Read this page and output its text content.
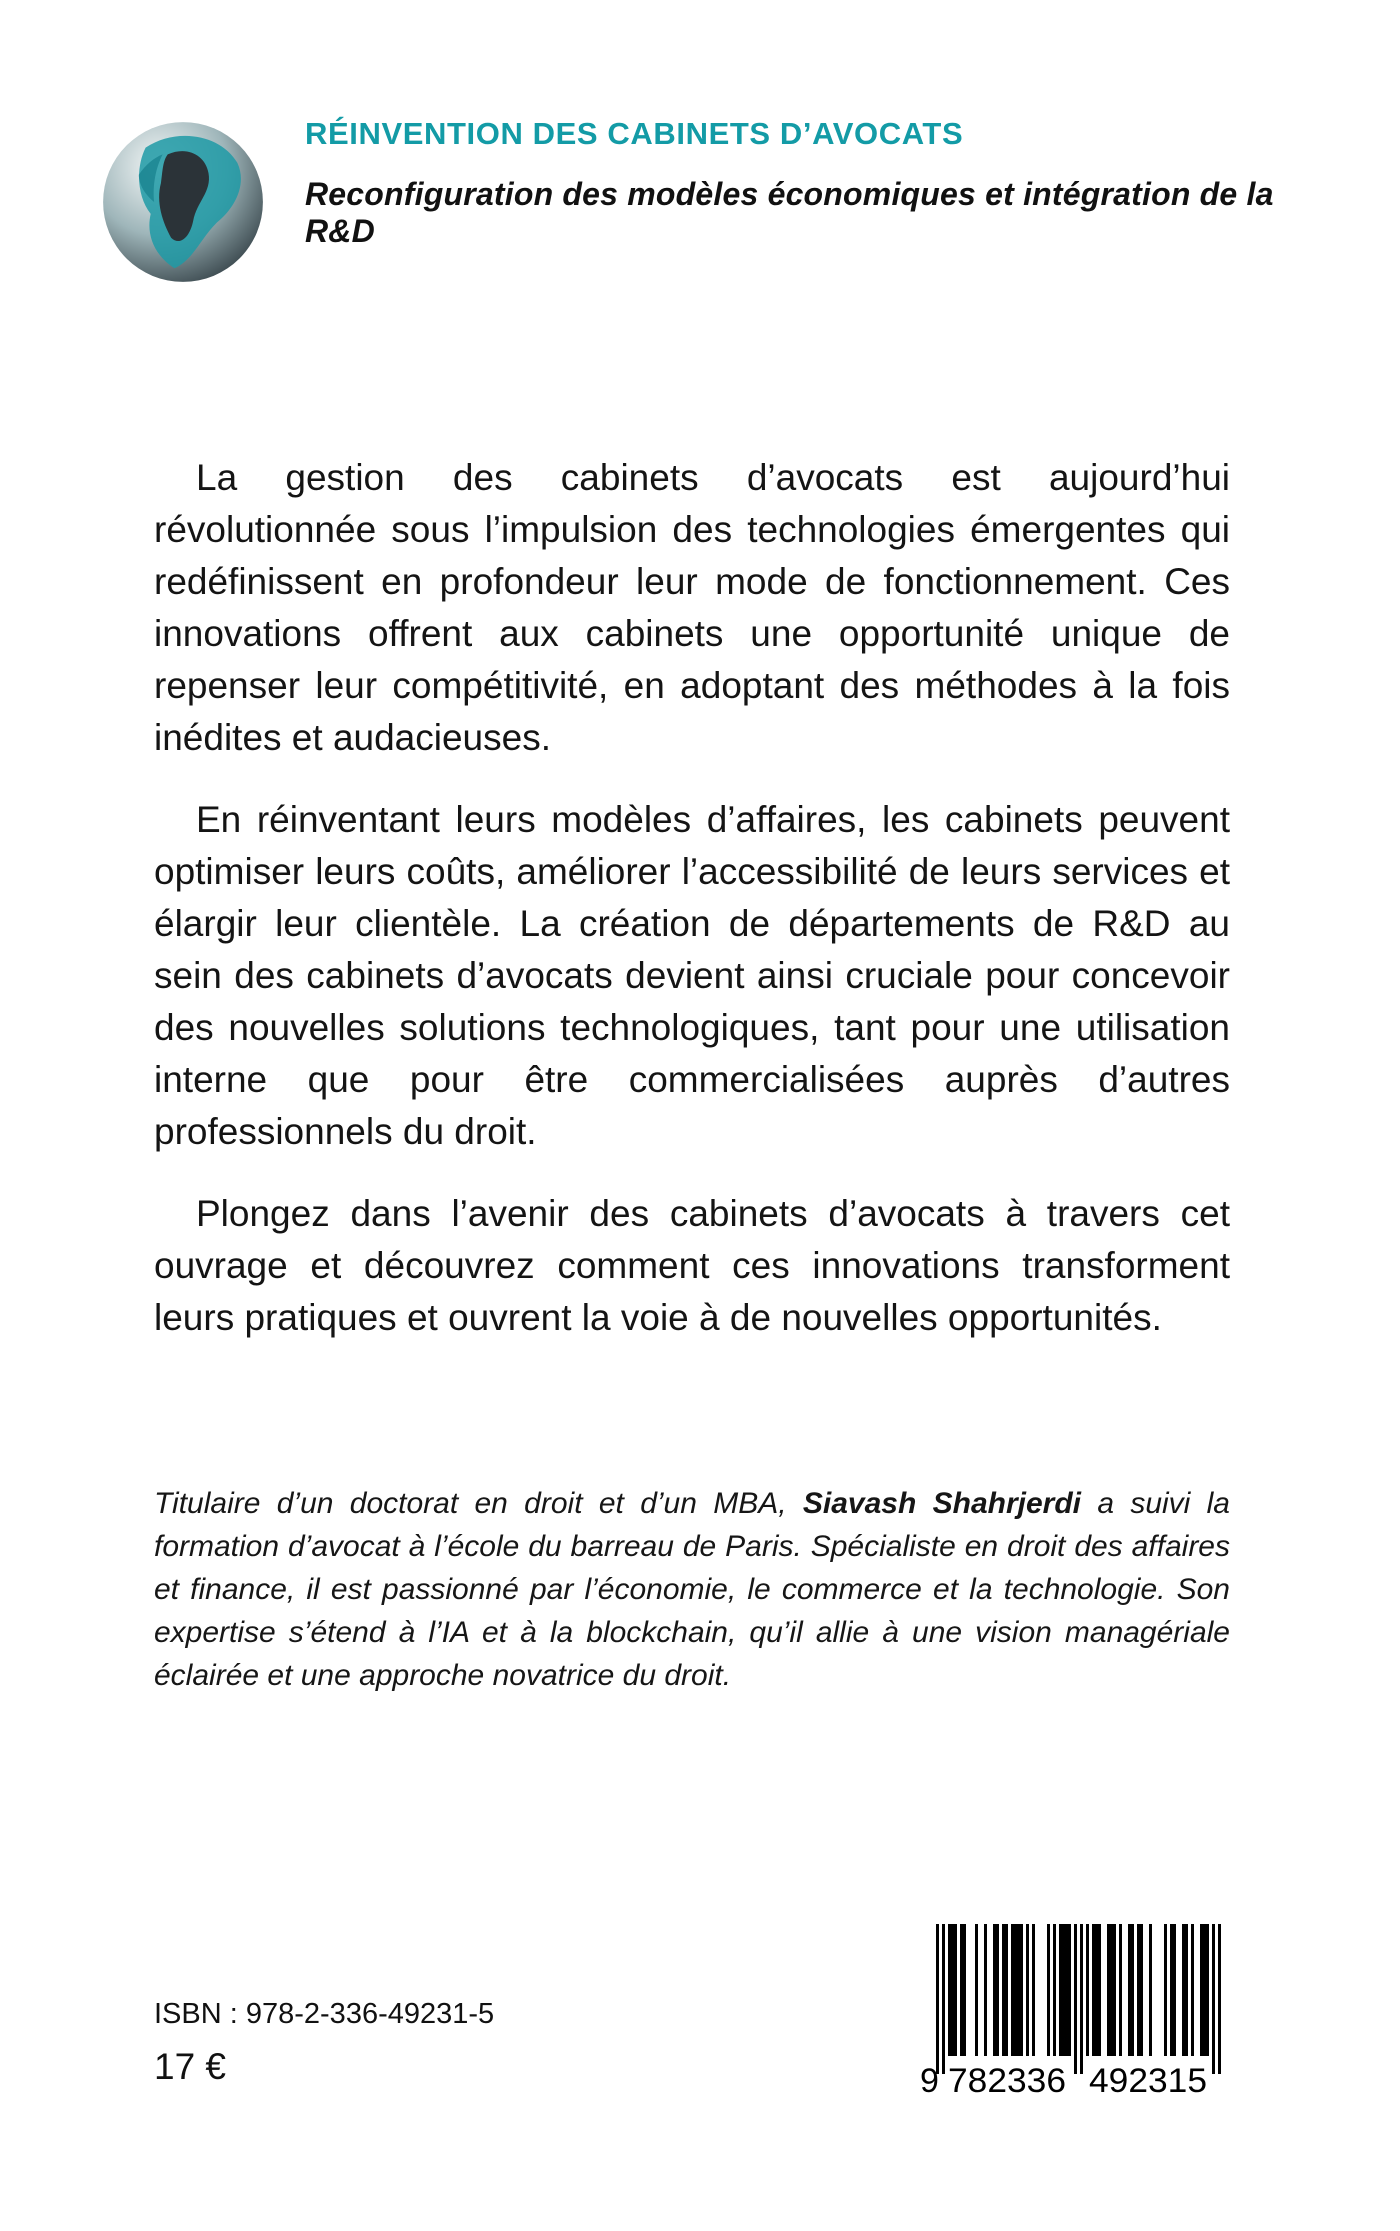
RÉINVENTION DES CABINETS D’AVOCATS
Reconfiguration des modèles économiques et intégration de la R&D

La gestion des cabinets d’avocats est aujourd’hui révolutionnée sous l’impulsion des technologies émergentes qui redéfinissent en profondeur leur mode de fonctionnement. Ces innovations offrent aux cabinets une opportunité unique de repenser leur compétitivité, en adoptant des méthodes à la fois inédites et audacieuses.

En réinventant leurs modèles d’affaires, les cabinets peuvent optimiser leurs coûts, améliorer l’accessibilité de leurs services et élargir leur clientèle. La création de départements de R&D au sein des cabinets d’avocats devient ainsi cruciale pour concevoir des nouvelles solutions technologiques, tant pour une utilisation interne que pour être commercialisées auprès d’autres professionnels du droit.

Plongez dans l’avenir des cabinets d’avocats à travers cet ouvrage et découvrez comment ces innovations transforment leurs pratiques et ouvrent la voie à de nouvelles opportunités.

Titulaire d’un doctorat en droit et d’un MBA, Siavash Shahrjerdi a suivi la formation d’avocat à l’école du barreau de Paris. Spécialiste en droit des affaires et finance, il est passionné par l’économie, le commerce et la technologie. Son expertise s’étend à l’IA et à la blockchain, qu’il allie à une vision managériale éclairée et une approche novatrice du droit.
ISBN : 978-2-336-49231-5
17 €	9 782336 492315
